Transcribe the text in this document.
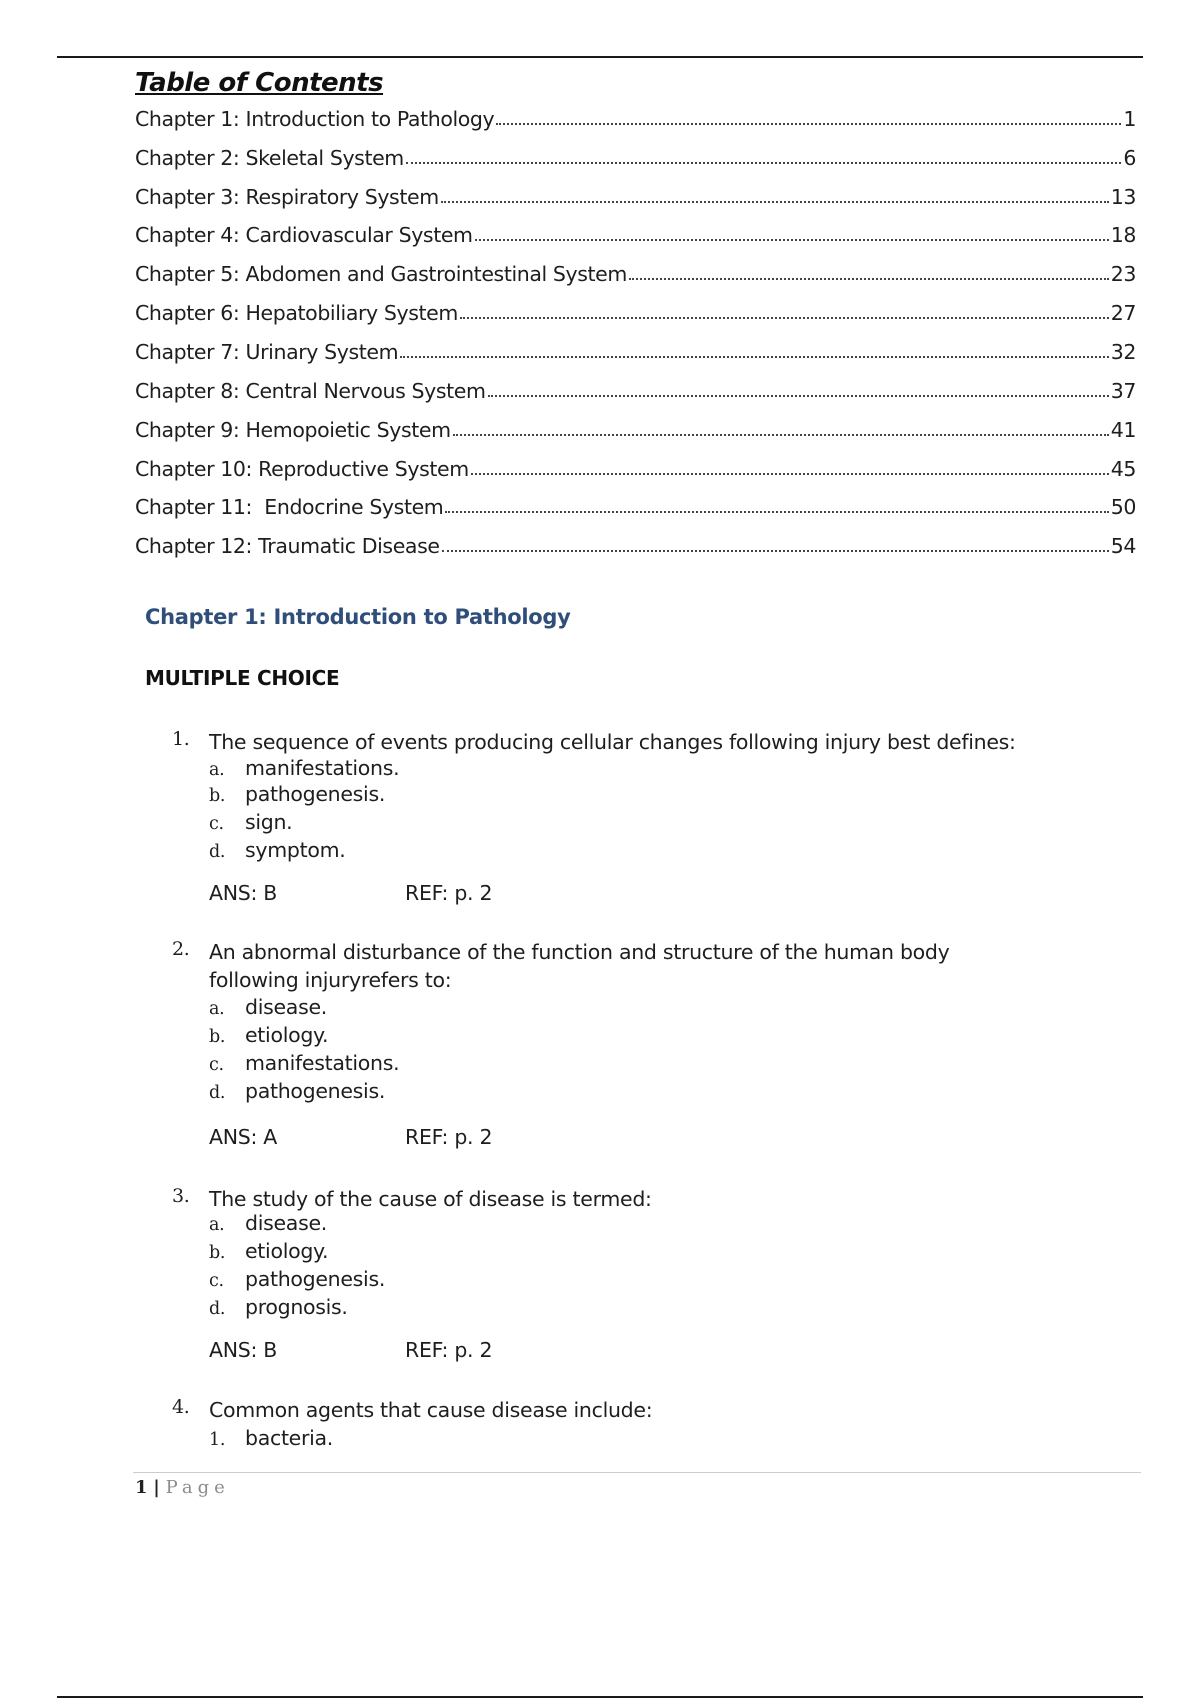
Table of Contents
Chapter 1: Introduction to Pathology	1
Chapter 2: Skeletal System	6
Chapter 3: Respiratory System	13
Chapter 4: Cardiovascular System	18
Chapter 5: Abdomen and Gastrointestinal System	23
Chapter 6: Hepatobiliary System	27
Chapter 7: Urinary System	32
Chapter 8: Central Nervous System	37
Chapter 9: Hemopoietic System	41
Chapter 10: Reproductive System	45
Chapter 11:  Endocrine System	50
Chapter 12: Traumatic Disease	54
Chapter 1: Introduction to Pathology
MULTIPLE CHOICE
1. The sequence of events producing cellular changes following injury best defines:
a. manifestations.
b. pathogenesis.
c. sign.
d. symptom.
ANS: B	REF: p. 2
2. An abnormal disturbance of the function and structure of the human body following injuryrefers to:
a. disease.
b. etiology.
c. manifestations.
d. pathogenesis.
ANS: A	REF: p. 2
3. The study of the cause of disease is termed:
a. disease.
b. etiology.
c. pathogenesis.
d. prognosis.
ANS: B	REF: p. 2
4. Common agents that cause disease include:
1. bacteria.
1 | Page
